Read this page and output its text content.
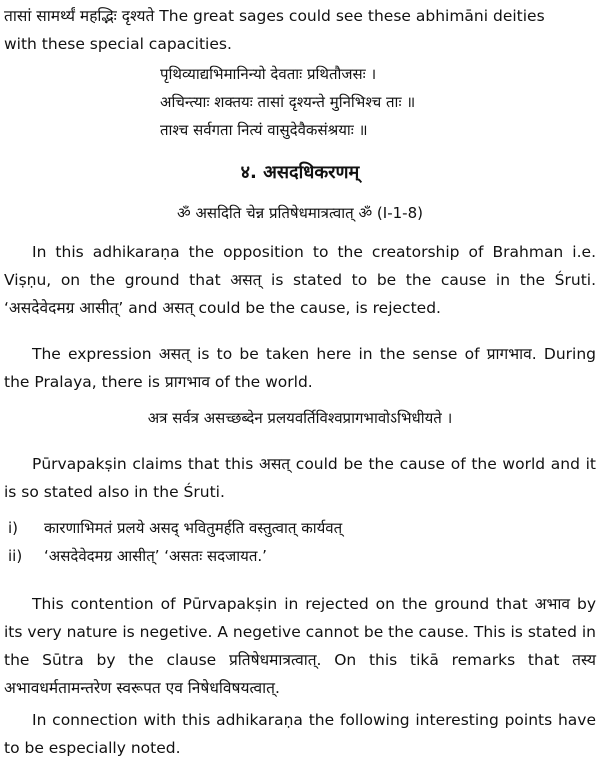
तासां सामर्थ्यं महद्भिः दृश्यते The great sages could see these abhimāni deities
with these special capacities.
पृथिव्याद्यभिमानिन्यो देवताः प्रथितौजसः ।
अचिन्त्याः शक्तयः तासां दृश्यन्ते मुनिभिश्च ताः ॥
ताश्च सर्वगता नित्यं वासुदेवैकसंश्रयाः ॥
४. असदधिकरणम्
ॐ असदिति चेन्न प्रतिषेधमात्रत्वात् ॐ (I-1-8)
In this adhikaraṇa the opposition to the creatorship of Brahman i.e. Viṣṇu, on the ground that असत् is stated to be the cause in the Śruti. ‘असदेवेदमग्र आसीत्’ and असत् could be the cause, is rejected.
The expression असत् is to be taken here in the sense of प्रागभाव. During the Pralaya, there is प्रागभाव of the world.
अत्र सर्वत्र असच्छब्देन प्रलयवर्तिविश्वप्रागभावोऽभिधीयते ।
Pūrvapakṣin claims that this असत् could be the cause of the world and it is so stated also in the Śruti.
i) कारणाभिमतं प्रलये असद् भवितुमर्हति वस्तुत्वात् कार्यवत्
ii) ‘असदेवेदमग्र आसीत्’ ‘असतः सदजायत.’
This contention of Pūrvapakṣin in rejected on the ground that अभाव by its very nature is negetive. A negetive cannot be the cause. This is stated in the Sūtra by the clause प्रतिषेधमात्रत्वात्. On this tikā remarks that तस्य अभावधर्मतामन्तरेण स्वरूपत एव निषेधविषयत्वात्.
In connection with this adhikaraṇa the following interesting points have to be especially noted.
